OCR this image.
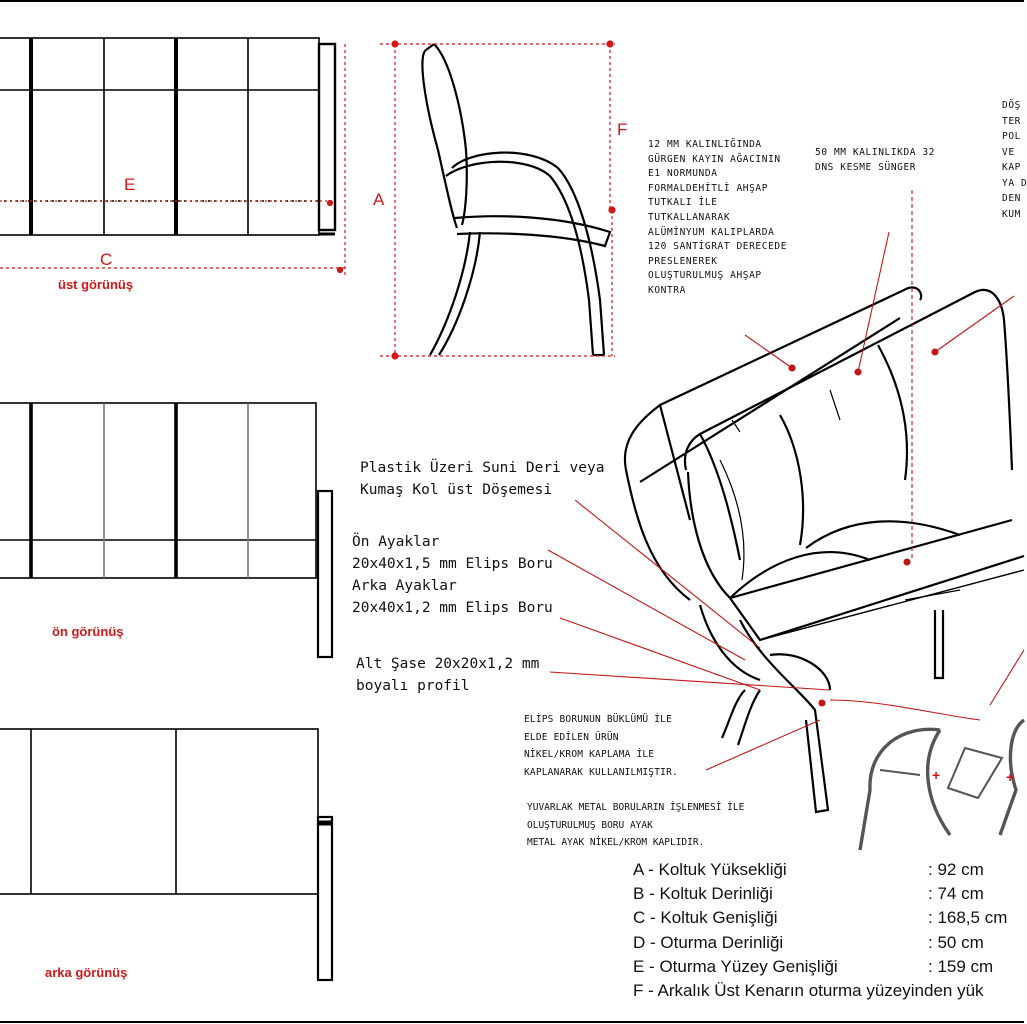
+	+
üst görünüş
ön görünüş
arka görünüş
E
C
A
F
12 MM KALINLIĞINDA
GÜRGEN KAYIN AĞACININ
E1 NORMUNDA
FORMALDEHİTLİ AHŞAP
TUTKALI İLE
TUTKALLANARAK
ALÜMİNYUM KALIPLARDA
120 SANTİGRAT DERECEDE
PRESLENEREK
OLUŞTURULMUŞ AHŞAP
KONTRA
50 MM KALINLIKDA 32
DNS KESME SÜNGER
DÖŞ
TER
POL
VE
KAP
YA D
DEN
KUM
ELİPS BORUNUN BÜKLÜMÜ İLE
ELDE EDİLEN ÜRÜN
NİKEL/KROM KAPLAMA İLE
KAPLANARAK KULLANILMIŞTIR.
YUVARLAK METAL BORULARIN İŞLENMESİ İLE
OLUŞTURULMUŞ BORU AYAK
METAL AYAK NİKEL/KROM KAPLIDIR.
Plastik Üzeri Suni Deri veya
Kumaş Kol üst Döşemesi
Ön Ayaklar
20x40x1,5 mm Elips Boru
Arka Ayaklar
20x40x1,2 mm Elips Boru
Alt Şase 20x20x1,2 mm
boyalı profil
A - Koltuk Yüksekliği	: 92 cm
B - Koltuk Derinliği	: 74 cm
C - Koltuk Genişliği	: 168,5 cm
D - Oturma Derinliği	: 50 cm
E - Oturma Yüzey Genişliği	: 159 cm
F - Arkalık Üst Kenarın oturma yüzeyinden yük
